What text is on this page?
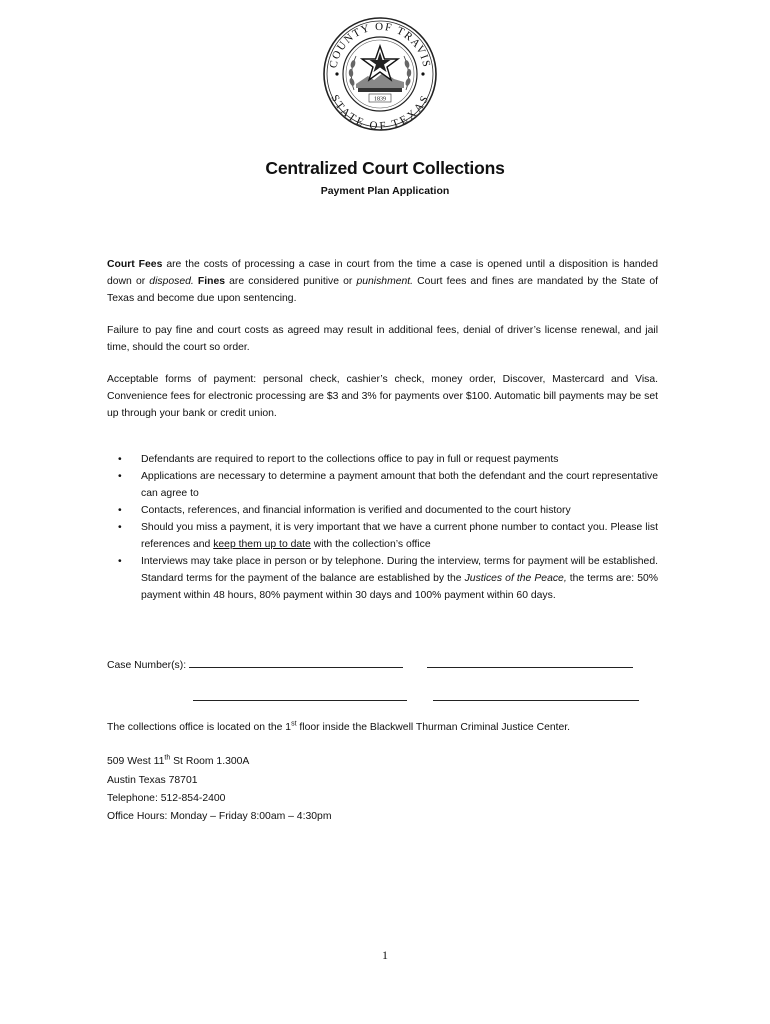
COUNTY OF TRAVIS
STATE OF TEXAS
1839
Centralized Court Collections
Payment Plan Application

Court Fees are the costs of processing a case in court from the time a case is opened until a disposition is handed down or disposed. Fines are considered punitive or punishment. Court fees and fines are mandated by the State of Texas and become due upon sentencing.

Failure to pay fine and court costs as agreed may result in additional fees, denial of driver’s license renewal, and jail time, should the court so order.

Acceptable forms of payment: personal check, cashier’s check, money order, Discover, Mastercard and Visa. Convenience fees for electronic processing are $3 and 3% for payments over $100. Automatic bill payments may be set up through your bank or credit union.

• Defendants are required to report to the collections office to pay in full or request payments
• Applications are necessary to determine a payment amount that both the defendant and the court representative can agree to
• Contacts, references, and financial information is verified and documented to the court history
• Should you miss a payment, it is very important that we have a current phone number to contact you. Please list references and keep them up to date with the collection’s office
• Interviews may take place in person or by telephone. During the interview, terms for payment will be established. Standard terms for the payment of the balance are established by the Justices of the Peace, the terms are: 50% payment within 48 hours, 80% payment within 30 days and 100% payment within 60 days.
Case Number(s):
The collections office is located on the 1st floor inside the Blackwell Thurman Criminal Justice Center.
509 West 11th St Room 1.300A
Austin Texas 78701
Telephone: 512-854-2400
Office Hours: Monday – Friday 8:00am – 4:30pm
1
